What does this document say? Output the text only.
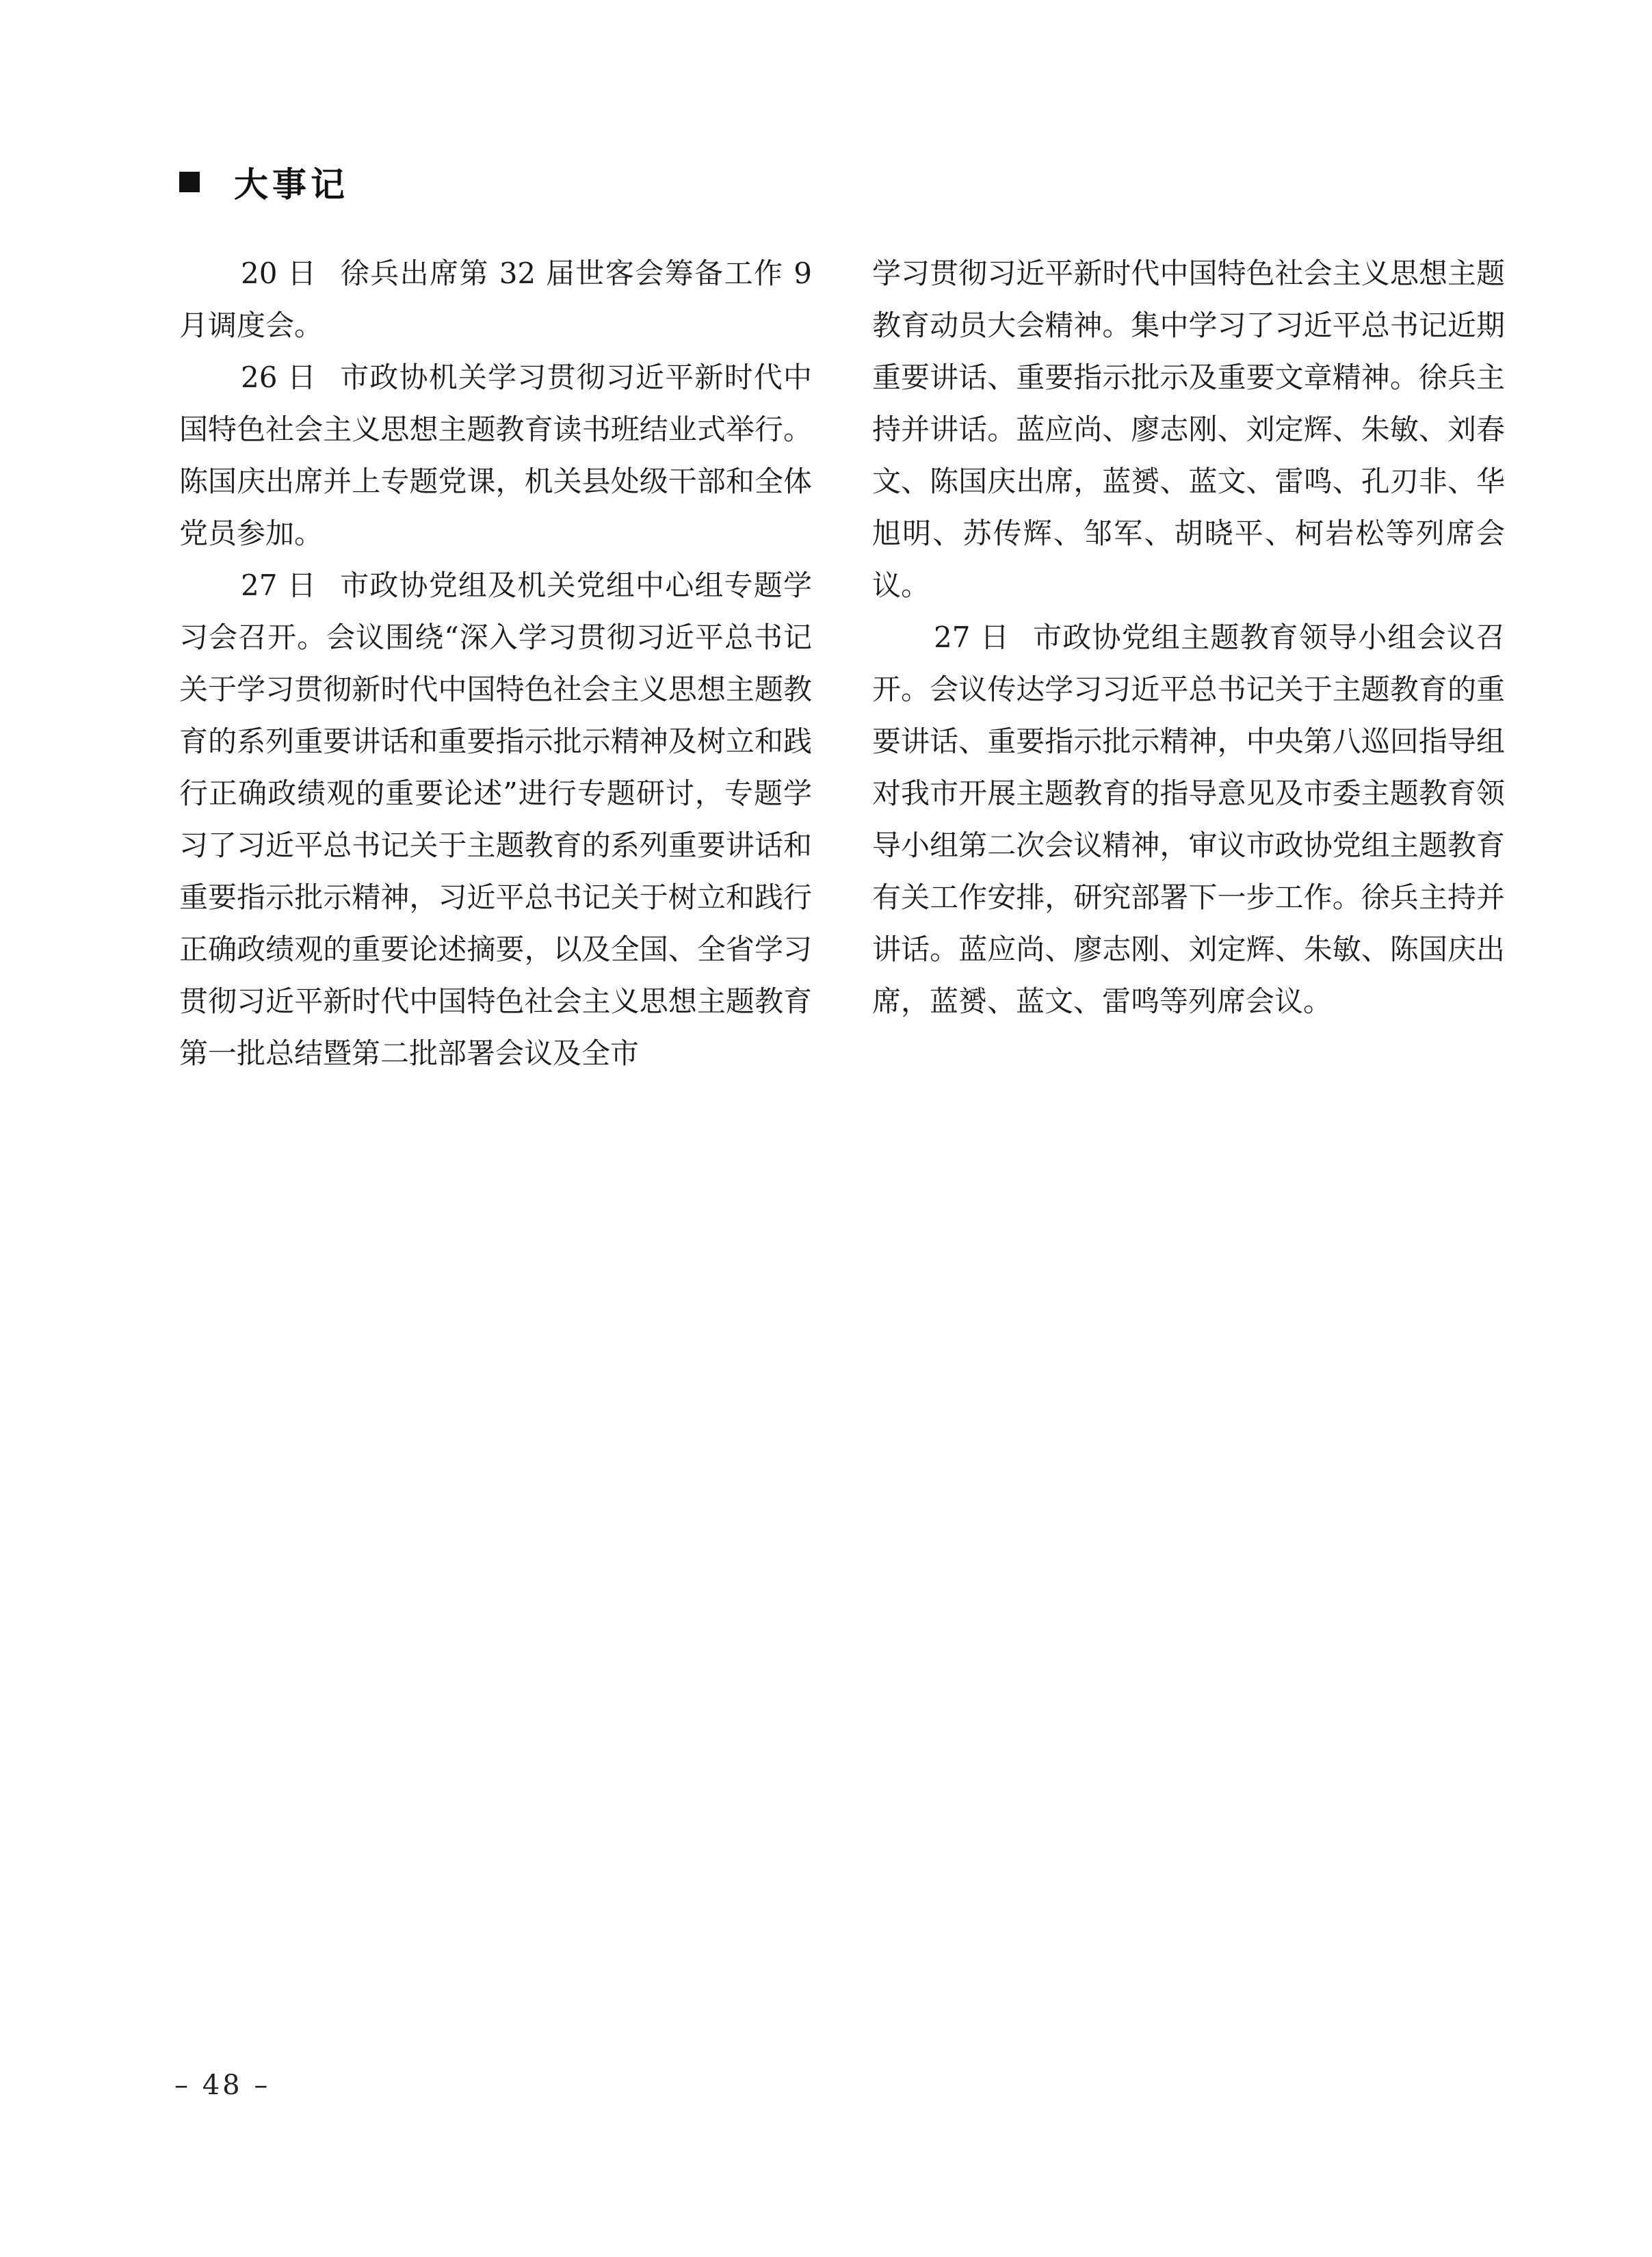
大事记

20 日 徐兵出席第 32 届世客会筹备工作 9 月调度会。

26 日 市政协机关学习贯彻习近平新时代中国特色社会主义思想主题教育读书班结业式举行。陈国庆出席并上专题党课，机关县处级干部和全体党员参加。

27 日 市政协党组及机关党组中心组专题学习会召开。会议围绕“深入学习贯彻习近平总书记关于学习贯彻新时代中国特色社会主义思想主题教育的系列重要讲话和重要指示批示精神及树立和践行正确政绩观的重要论述”进行专题研讨，专题学习了习近平总书记关于主题教育的系列重要讲话和重要指示批示精神，习近平总书记关于树立和践行正确政绩观的重要论述摘要，以及全国、全省学习贯彻习近平新时代中国特色社会主义思想主题教育第一批总结暨第二批部署会议及全市

学习贯彻习近平新时代中国特色社会主义思想主题教育动员大会精神。集中学习了习近平总书记近期重要讲话、重要指示批示及重要文章精神。徐兵主持并讲话。蓝应尚、廖志刚、刘定辉、朱敏、刘春文、陈国庆出席，蓝赟、蓝文、雷鸣、孔刃非、华旭明、苏传辉、邹军、胡晓平、柯岩松等列席会议。

27 日 市政协党组主题教育领导小组会议召开。会议传达学习习近平总书记关于主题教育的重要讲话、重要指示批示精神，中央第八巡回指导组对我市开展主题教育的指导意见及市委主题教育领导小组第二次会议精神，审议市政协党组主题教育有关工作安排，研究部署下一步工作。徐兵主持并讲话。蓝应尚、廖志刚、刘定辉、朱敏、陈国庆出席，蓝赟、蓝文、雷鸣等列席会议。

– 48 –
